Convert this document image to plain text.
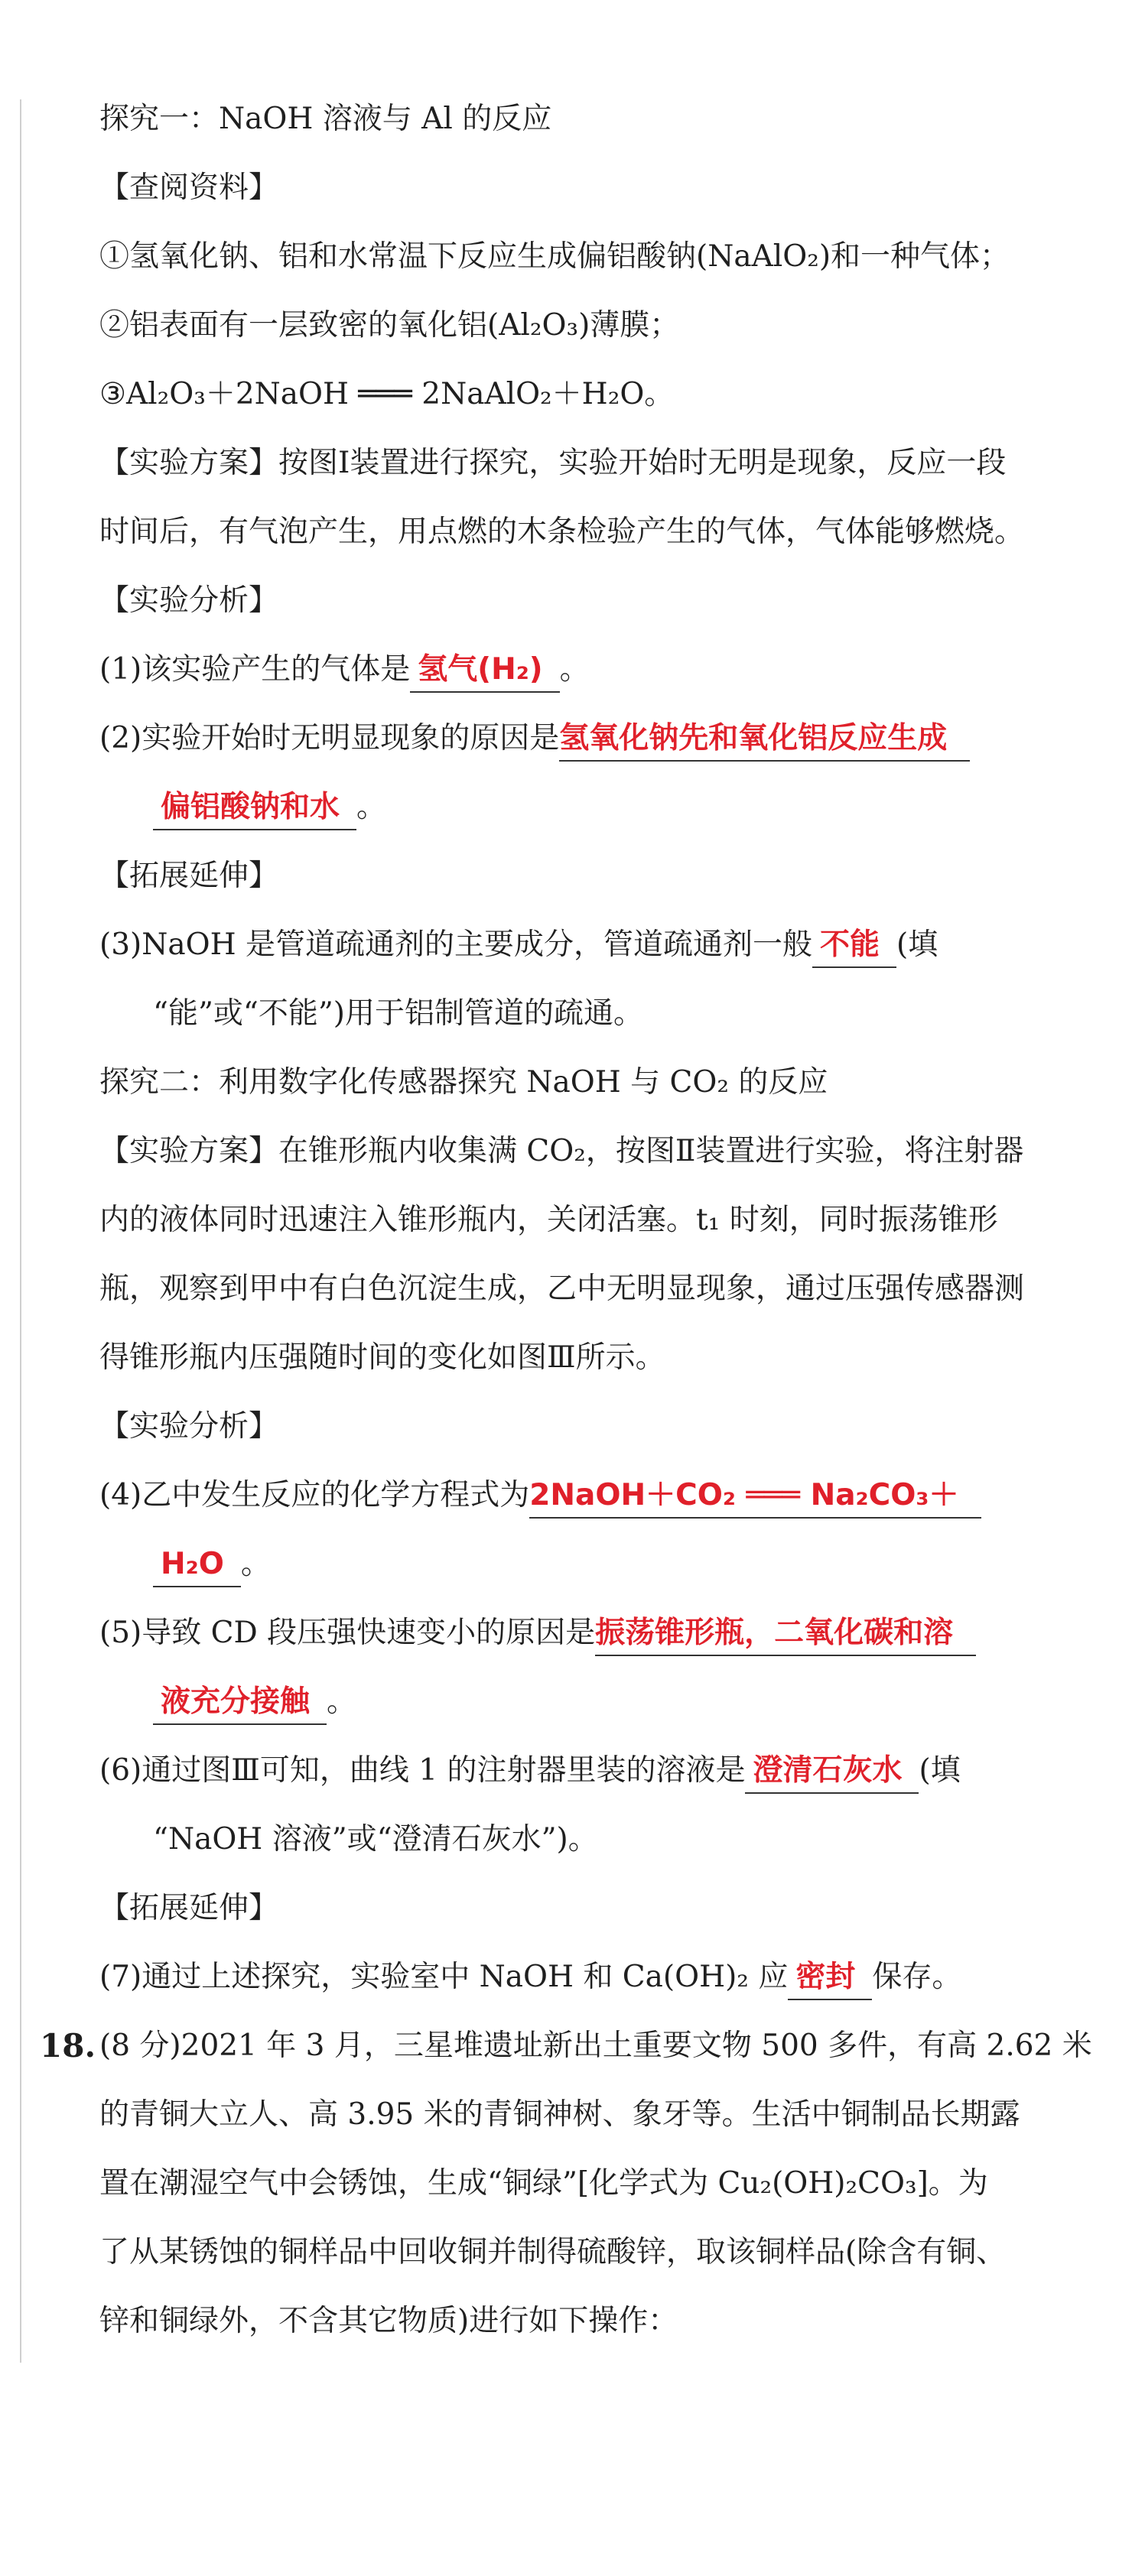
探究一：NaOH 溶液与 Al 的反应
【查阅资料】
①氢氧化钠、铝和水常温下反应生成偏铝酸钠(NaAlO₂)和一种气体；
②铝表面有一层致密的氧化铝(Al₂O₃)薄膜；
③Al₂O₃＋2NaOH ═══ 2NaAlO₂＋H₂O。
【实验方案】按图Ⅰ装置进行探究，实验开始时无明是现象，反应一段
时间后，有气泡产生，用点燃的木条检验产生的气体，气体能够燃烧。
【实验分析】
(1)该实验产生的气体是 氢气(H₂) 。
(2)实验开始时无明显现象的原因是氢氧化钠先和氧化铝反应生成
偏铝酸钠和水 。
【拓展延伸】
(3)NaOH 是管道疏通剂的主要成分，管道疏通剂一般 不能 (填
“能”或“不能”)用于铝制管道的疏通。
探究二：利用数字化传感器探究 NaOH 与 CO₂ 的反应
【实验方案】在锥形瓶内收集满 CO₂，按图Ⅱ装置进行实验，将注射器
内的液体同时迅速注入锥形瓶内，关闭活塞。t₁ 时刻，同时振荡锥形
瓶，观察到甲中有白色沉淀生成，乙中无明显现象，通过压强传感器测
得锥形瓶内压强随时间的变化如图Ⅲ所示。
【实验分析】
(4)乙中发生反应的化学方程式为2NaOH＋CO₂ ═══ Na₂CO₃＋
H₂O 。
(5)导致 CD 段压强快速变小的原因是振荡锥形瓶，二氧化碳和溶
液充分接触 。
(6)通过图Ⅲ可知，曲线 1 的注射器里装的溶液是 澄清石灰水 (填
“NaOH 溶液”或“澄清石灰水”)。
【拓展延伸】
(7)通过上述探究，实验室中 NaOH 和 Ca(OH)₂ 应 密封 保存。
18. (8 分)2021 年 3 月，三星堆遗址新出土重要文物 500 多件，有高 2.62 米
的青铜大立人、高 3.95 米的青铜神树、象牙等。生活中铜制品长期露
置在潮湿空气中会锈蚀，生成“铜绿”[化学式为 Cu₂(OH)₂CO₃]。为
了从某锈蚀的铜样品中回收铜并制得硫酸锌，取该铜样品(除含有铜、
锌和铜绿外，不含其它物质)进行如下操作：
